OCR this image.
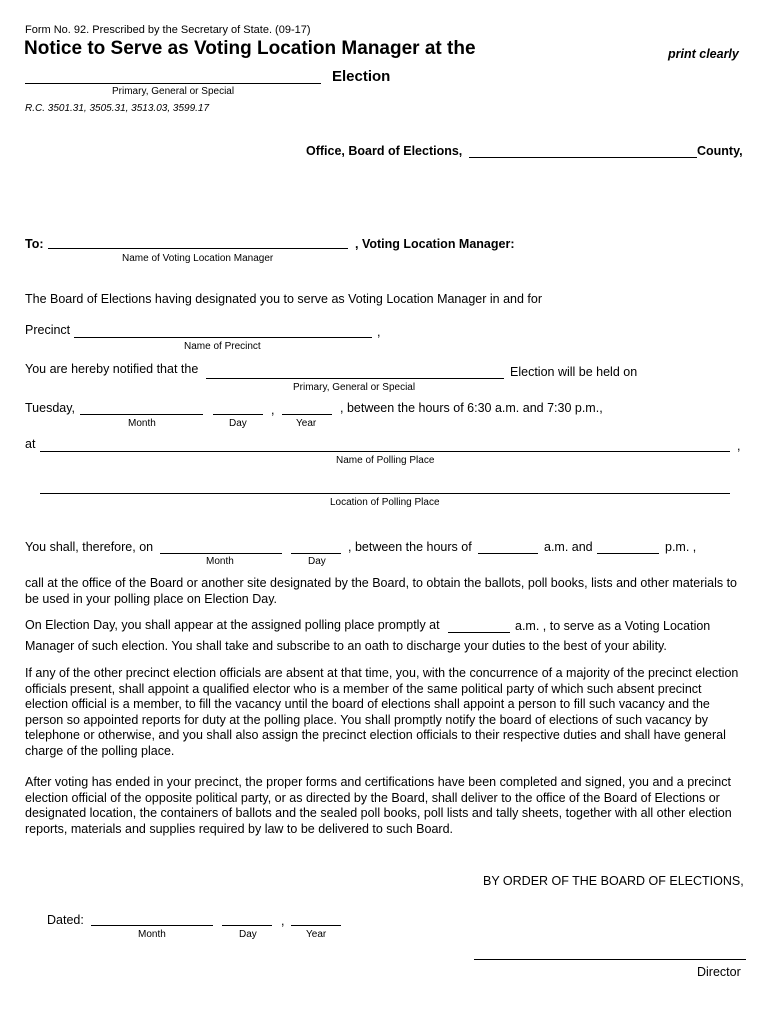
Form No. 92. Prescribed by the Secretary of State. (09-17)
Notice to Serve as Voting Location Manager at the	print clearly
Election
Primary, General or Special
R.C. 3501.31, 3505.31, 3513.03, 3599.17
Office, Board of Elections,	County,
To:	, Voting Location Manager:
Name of Voting Location Manager
The Board of Elections having designated you to serve as Voting Location Manager in and for
Precinct	,
Name of Precinct
You are hereby notified that the	Election will be held on
Primary, General or Special
Tuesday,	,	, between the hours of 6:30 a.m. and 7:30 p.m.,
Month	Day	Year
at	,
Name of Polling Place
Location of Polling Place
You shall, therefore, on	, between the hours of	a.m. and	p.m. ,
Month	Day
call at the office of the Board or another site designated by the Board, to obtain the ballots, poll books, lists and other materials to be used in your polling place on Election Day.
On Election Day, you shall appear at the assigned polling place promptly at	a.m. , to serve as a Voting Location
Manager of such election. You shall take and subscribe to an oath to discharge your duties to the best of your ability.
If any of the other precinct election officials are absent at that time, you, with the concurrence of a majority of the precinct election officials present, shall appoint a qualified elector who is a member of the same political party of which such absent precinct election official is a member, to fill the vacancy until the board of elections shall appoint a person to fill such vacancy and the person so appointed reports for duty at the polling place. You shall promptly notify the board of elections of such vacancy by telephone or otherwise, and you shall also assign the precinct election officials to their respective duties and shall have general charge of the polling place.
After voting has ended in your precinct, the proper forms and certifications have been completed and signed, you and a precinct election official of the opposite political party, or as directed by the Board, shall deliver to the office of the Board of Elections or designated location, the containers of ballots and the sealed poll books, poll lists and tally sheets, together with all other election reports, materials and supplies required by law to be delivered to such Board.
BY ORDER OF THE BOARD OF ELECTIONS,
Dated:	,
Month	Day	Year
Director
